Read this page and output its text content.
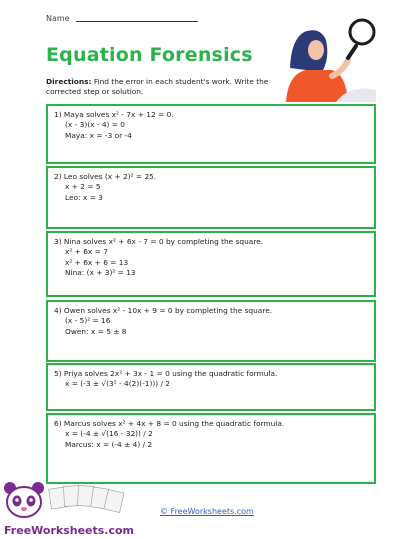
Name
Equation Forensics
Directions: Find the error in each student's work. Write the corrected step or solution.
1) Maya solves x² - 7x + 12 = 0.
(x - 3)(x - 4) = 0
Maya: x = -3 or -4
2) Leo solves (x + 2)² = 25.
x + 2 = 5
Leo: x = 3
3) Nina solves x² + 6x - 7 = 0 by completing the square.
x² + 6x = 7
x² + 6x + 6 = 13
Nina: (x + 3)² = 13
4) Owen solves x² - 10x + 9 = 0 by completing the square.
(x - 5)² = 16
Owen: x = 5 ± 8
5) Priya solves 2x² + 3x - 1 = 0 using the quadratic formula.
x = (-3 ± √(3² - 4(2)(-1))) / 2
6) Marcus solves x² + 4x + 8 = 0 using the quadratic formula.
x = (-4 ± √(16 - 32)) / 2
Marcus: x = (-4 ± 4) / 2
FreeWorksheets.com
© FreeWorksheets.com
